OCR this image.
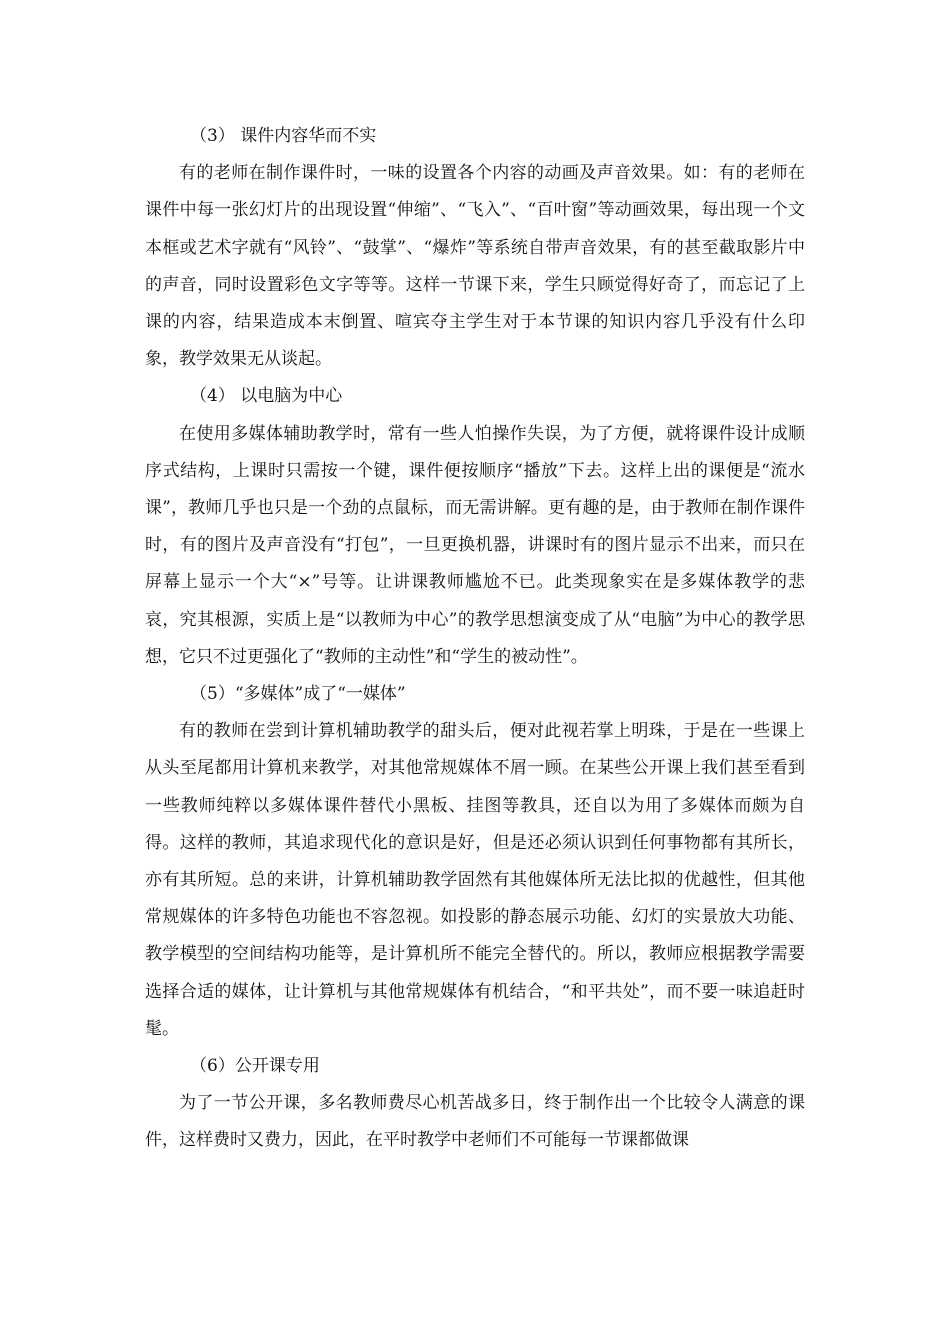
（3） 课件内容华而不实

有的老师在制作课件时，一味的设置各个内容的动画及声音效果。如：有的老师在课件中每一张幻灯片的出现设置“伸缩”、“飞入”、“百叶窗”等动画效果，每出现一个文本框或艺术字就有“风铃”、“鼓掌”、“爆炸”等系统自带声音效果，有的甚至截取影片中的声音，同时设置彩色文字等等。这样一节课下来，学生只顾觉得好奇了，而忘记了上课的内容，结果造成本末倒置、喧宾夺主学生对于本节课的知识内容几乎没有什么印象，教学效果无从谈起。

（4） 以电脑为中心

在使用多媒体辅助教学时，常有一些人怕操作失误，为了方便，就将课件设计成顺序式结构，上课时只需按一个键，课件便按顺序“播放”下去。这样上出的课便是“流水课”，教师几乎也只是一个劲的点鼠标，而无需讲解。更有趣的是，由于教师在制作课件时，有的图片及声音没有“打包”，一旦更换机器，讲课时有的图片显示不出来，而只在屏幕上显示一个大“×”号等。让讲课教师尴尬不已。此类现象实在是多媒体教学的悲哀，究其根源，实质上是“以教师为中心”的教学思想演变成了从“电脑”为中心的教学思想，它只不过更强化了“教师的主动性”和“学生的被动性”。

（5）“多媒体”成了“一媒体”

有的教师在尝到计算机辅助教学的甜头后，便对此视若掌上明珠，于是在一些课上从头至尾都用计算机来教学，对其他常规媒体不屑一顾。在某些公开课上我们甚至看到一些教师纯粹以多媒体课件替代小黑板、挂图等教具，还自以为用了多媒体而颇为自得。这样的教师，其追求现代化的意识是好，但是还必须认识到任何事物都有其所长，亦有其所短。总的来讲，计算机辅助教学固然有其他媒体所无法比拟的优越性，但其他常规媒体的许多特色功能也不容忽视。如投影的静态展示功能、幻灯的实景放大功能、教学模型的空间结构功能等，是计算机所不能完全替代的。所以，教师应根据教学需要选择合适的媒体，让计算机与其他常规媒体有机结合，“和平共处”，而不要一味追赶时髦。

（6）公开课专用

为了一节公开课，多名教师费尽心机苦战多日，终于制作出一个比较令人满意的课件，这样费时又费力，因此，在平时教学中老师们不可能每一节课都做课
